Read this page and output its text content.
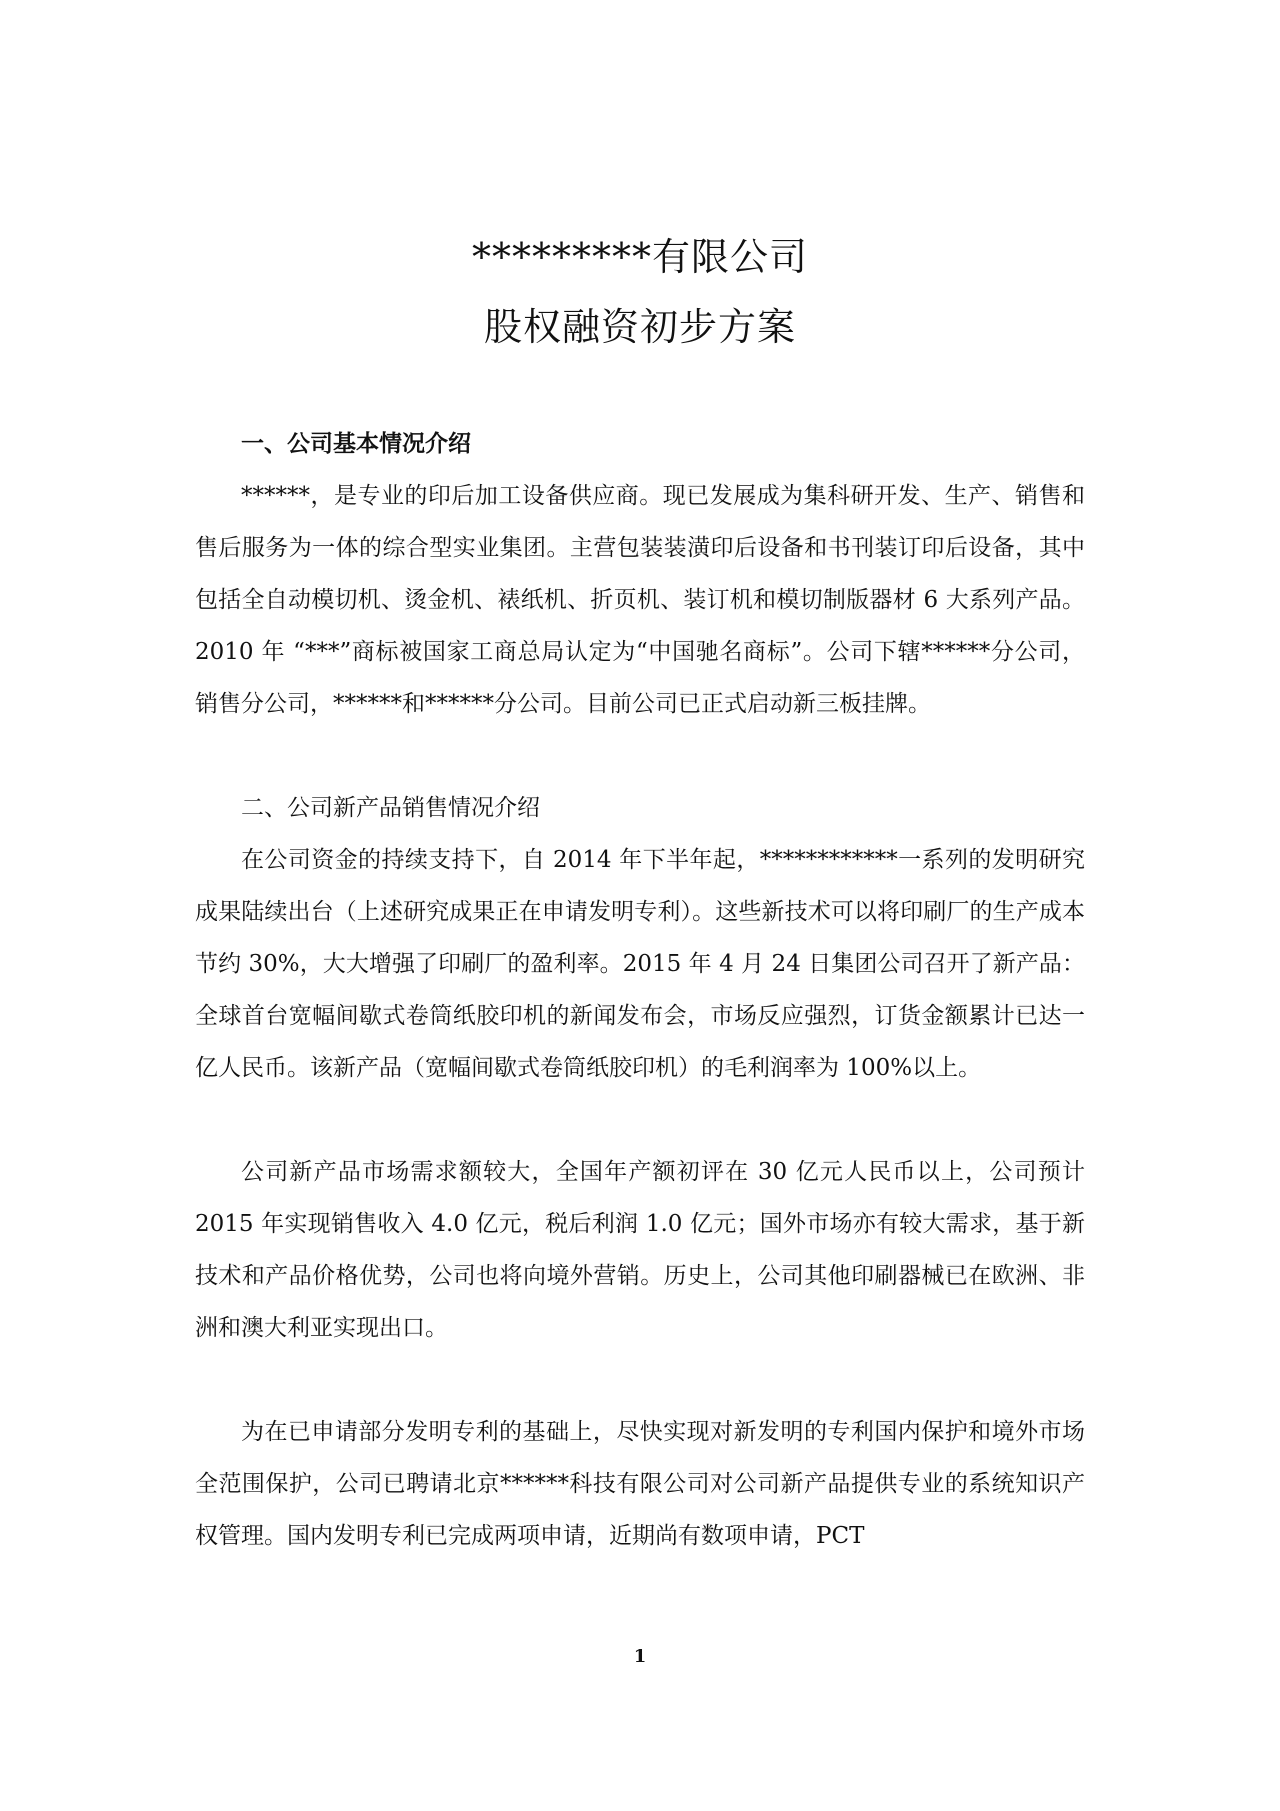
*********有限公司
股权融资初步方案

一、公司基本情况介绍

******，是专业的印后加工设备供应商。现已发展成为集科研开发、生产、销售和售后服务为一体的综合型实业集团。主营包装装潢印后设备和书刊装订印后设备，其中包括全自动模切机、烫金机、裱纸机、折页机、装订机和模切制版器材 6 大系列产品。2010 年 “***”商标被国家工商总局认定为“中国驰名商标”。公司下辖******分公司，销售分公司，******和******分公司。目前公司已正式启动新三板挂牌。

二、公司新产品销售情况介绍

在公司资金的持续支持下，自 2014 年下半年起，************一系列的发明研究成果陆续出台（上述研究成果正在申请发明专利）。这些新技术可以将印刷厂的生产成本节约 30%，大大增强了印刷厂的盈利率。2015 年 4 月 24 日集团公司召开了新产品：全球首台宽幅间歇式卷筒纸胶印机的新闻发布会，市场反应强烈，订货金额累计已达一亿人民币。该新产品（宽幅间歇式卷筒纸胶印机）的毛利润率为 100%以上。

公司新产品市场需求额较大，全国年产额初评在 30 亿元人民币以上，公司预计 2015 年实现销售收入 4.0 亿元，税后利润 1.0 亿元；国外市场亦有较大需求，基于新技术和产品价格优势，公司也将向境外营销。历史上，公司其他印刷器械已在欧洲、非洲和澳大利亚实现出口。

为在已申请部分发明专利的基础上，尽快实现对新发明的专利国内保护和境外市场全范围保护，公司已聘请北京******科技有限公司对公司新产品提供专业的系统知识产权管理。国内发明专利已完成两项申请，近期尚有数项申请，PCT

1
